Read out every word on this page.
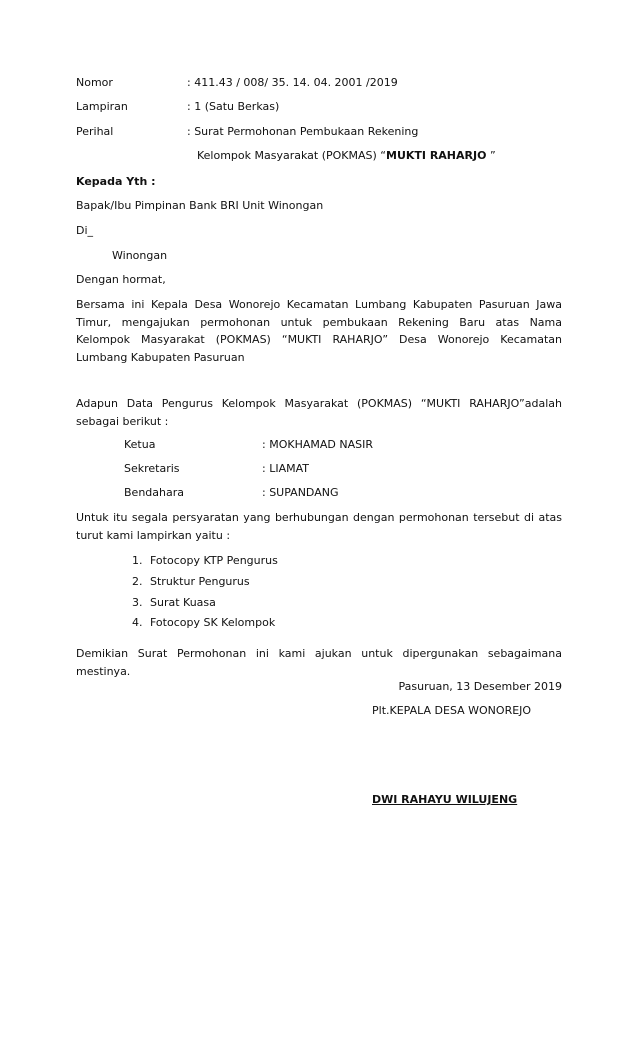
Nomor	: 411.43 / 008/ 35. 14. 04. 2001 /2019
Lampiran	: 1 (Satu Berkas)
Perihal	: Surat Permohonan Pembukaan Rekening
Kelompok Masyarakat (POKMAS) “MUKTI RAHARJO ”
Kepada Yth :
Bapak/Ibu Pimpinan Bank BRI Unit Winongan
Di_
Winongan
Dengan hormat,
Bersama ini Kepala Desa Wonorejo Kecamatan Lumbang Kabupaten Pasuruan Jawa Timur, mengajukan permohonan untuk pembukaan Rekening Baru atas Nama Kelompok Masyarakat (POKMAS) “MUKTI RAHARJO” Desa Wonorejo Kecamatan Lumbang Kabupaten Pasuruan
Adapun Data Pengurus Kelompok Masyarakat (POKMAS) “MUKTI RAHARJO”adalah sebagai berikut :
Ketua	: MOKHAMAD NASIR
Sekretaris	: LIAMAT
Bendahara	: SUPANDANG
Untuk itu segala persyaratan yang berhubungan dengan permohonan tersebut di atas turut kami lampirkan yaitu :
1. Fotocopy KTP Pengurus
2. Struktur Pengurus
3. Surat Kuasa
4. Fotocopy SK Kelompok
Demikian Surat Permohonan ini kami ajukan untuk dipergunakan sebagaimana mestinya.
Pasuruan, 13 Desember 2019
Plt.KEPALA DESA WONOREJO
DWI RAHAYU WILUJENG
